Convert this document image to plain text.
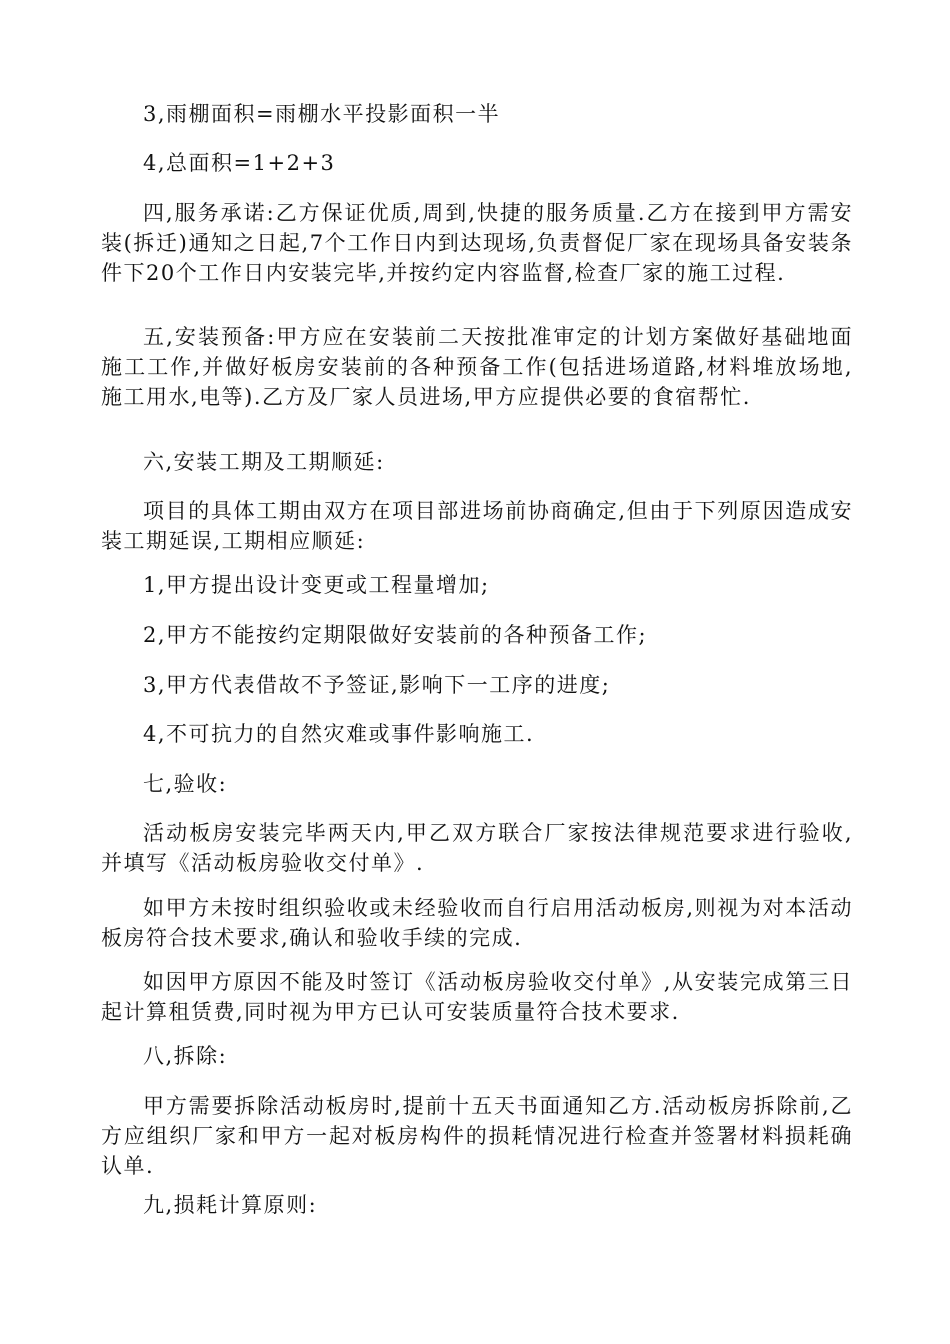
3,雨棚面积=雨棚水平投影面积一半

4,总面积=1+2+3

四,服务承诺:乙方保证优质,周到,快捷的服务质量.乙方在接到甲方需安装(拆迁)通知之日起,7个工作日内到达现场,负责督促厂家在现场具备安装条件下20个工作日内安装完毕,并按约定内容监督,检查厂家的施工过程.

五,安装预备:甲方应在安装前二天按批准审定的计划方案做好基础地面施工工作,并做好板房安装前的各种预备工作(包括进场道路,材料堆放场地,施工用水,电等).乙方及厂家人员进场,甲方应提供必要的食宿帮忙.

六,安装工期及工期顺延:

项目的具体工期由双方在项目部进场前协商确定,但由于下列原因造成安装工期延误,工期相应顺延:

1,甲方提出设计变更或工程量增加;

2,甲方不能按约定期限做好安装前的各种预备工作;

3,甲方代表借故不予签证,影响下一工序的进度;

4,不可抗力的自然灾难或事件影响施工.

七,验收:

活动板房安装完毕两天内,甲乙双方联合厂家按法律规范要求进行验收,并填写《活动板房验收交付单》.

如甲方未按时组织验收或未经验收而自行启用活动板房,则视为对本活动板房符合技术要求,确认和验收手续的完成.

如因甲方原因不能及时签订《活动板房验收交付单》,从安装完成第三日起计算租赁费,同时视为甲方已认可安装质量符合技术要求.

八,拆除:

甲方需要拆除活动板房时,提前十五天书面通知乙方.活动板房拆除前,乙方应组织厂家和甲方一起对板房构件的损耗情况进行检查并签署材料损耗确认单.

九,损耗计算原则:
